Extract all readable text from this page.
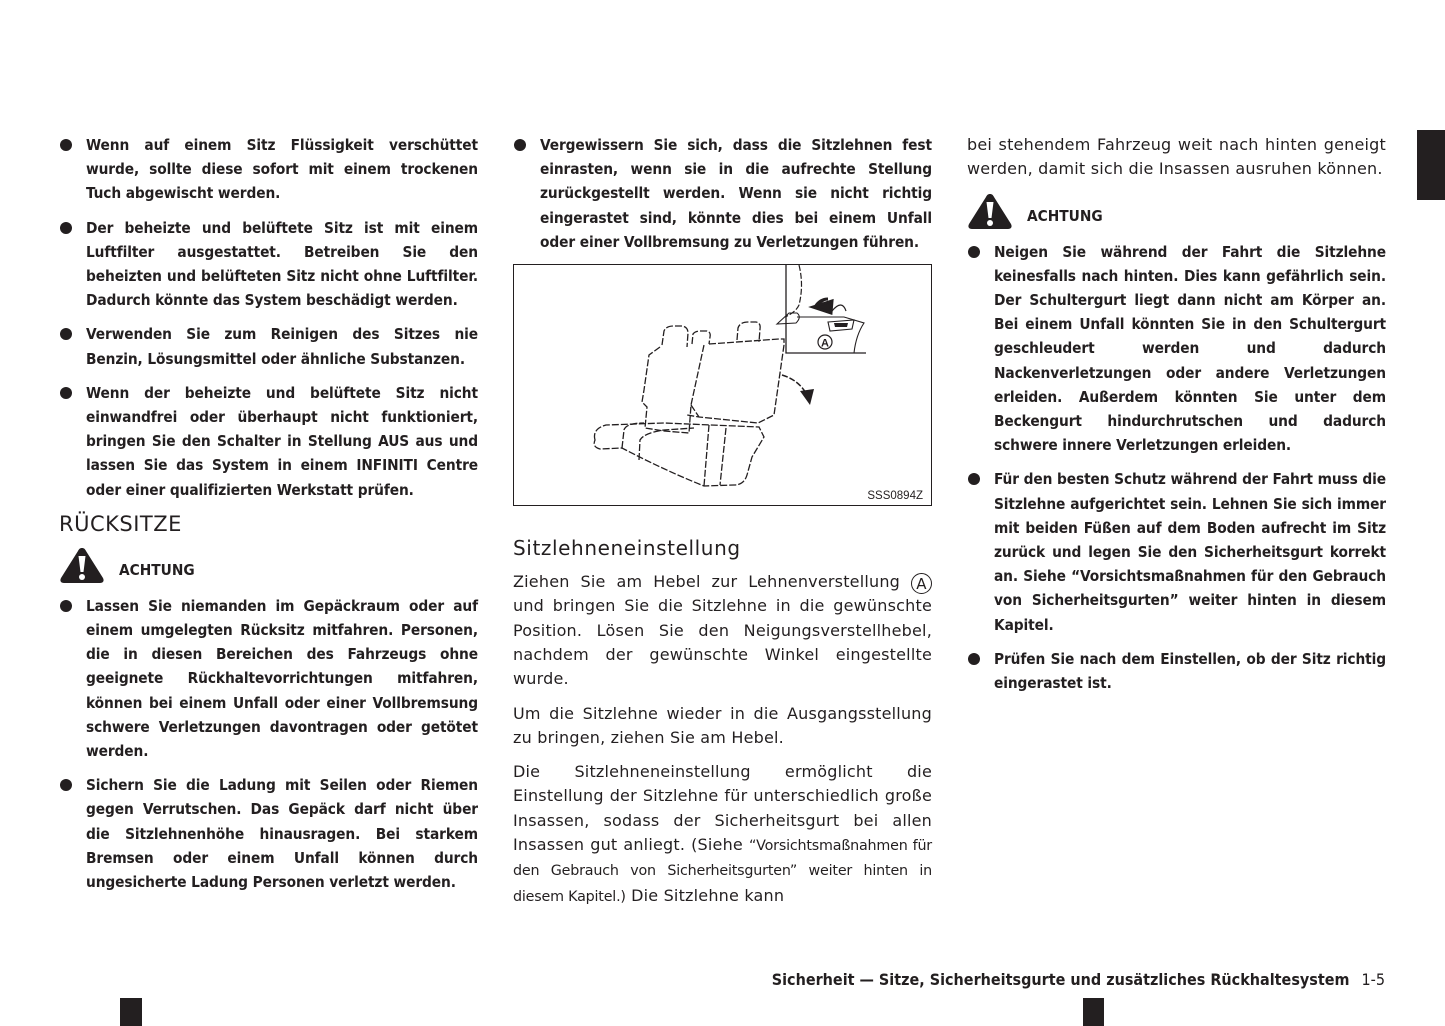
Wenn auf einem Sitz Flüssigkeit verschüttet wurde, sollte diese sofort mit einem trockenen Tuch abgewischt werden.
Der beheizte und belüftete Sitz ist mit einem Luftfilter ausgestattet. Betreiben Sie den beheizten und belüfteten Sitz nicht ohne Luftfilter. Dadurch könnte das System beschädigt werden.
Verwenden Sie zum Reinigen des Sitzes nie Benzin, Lösungsmittel oder ähnliche Substanzen.
Wenn der beheizte und belüftete Sitz nicht einwandfrei oder überhaupt nicht funktioniert, bringen Sie den Schalter in Stellung AUS aus und lassen Sie das System in einem INFINITI Centre oder einer qualifizierten Werkstatt prüfen.
RÜCKSITZE
ACHTUNG
Lassen Sie niemanden im Gepäckraum oder auf einem umgelegten Rücksitz mitfahren. Personen, die in diesen Bereichen des Fahrzeugs ohne geeignete Rückhaltevorrichtungen mitfahren, können bei einem Unfall oder einer Vollbremsung schwere Verletzungen davontragen oder getötet werden.
Sichern Sie die Ladung mit Seilen oder Riemen gegen Verrutschen. Das Gepäck darf nicht über die Sitzlehnenhöhe hinausragen. Bei starkem Bremsen oder einem Unfall können durch ungesicherte Ladung Personen verletzt werden.
Vergewissern Sie sich, dass die Sitzlehnen fest einrasten, wenn sie in die aufrechte Stellung zurückgestellt werden. Wenn sie nicht richtig eingerastet sind, könnte dies bei einem Unfall oder einer Vollbremsung zu Verletzungen führen.
A
SSS0894Z
Sitzlehneneinstellung

Ziehen Sie am Hebel zur Lehnenverstellung A und bringen Sie die Sitzlehne in die gewünschte Position. Lösen Sie den Neigungsverstellhebel, nachdem der gewünschte Winkel eingestellte wurde.

Um die Sitzlehne wieder in die Ausgangsstellung zu bringen, ziehen Sie am Hebel.

Die Sitzlehneneinstellung ermöglicht die Einstellung der Sitzlehne für unterschiedlich große Insassen, sodass der Sicherheitsgurt bei allen Insassen gut anliegt. (Siehe “Vorsichtsmaßnahmen für den Gebrauch von Sicherheitsgurten” weiter hinten in diesem Kapitel.) Die Sitzlehne kann

bei stehendem Fahrzeug weit nach hinten geneigt werden, damit sich die Insassen ausruhen können.

ACHTUNG
Neigen Sie während der Fahrt die Sitzlehne keinesfalls nach hinten. Dies kann gefährlich sein. Der Schultergurt liegt dann nicht am Körper an. Bei einem Unfall könnten Sie in den Schultergurt geschleudert werden und dadurch Nackenverletzungen oder andere Verletzungen erleiden. Außerdem könnten Sie unter dem Beckengurt hindurchrutschen und dadurch schwere innere Verletzungen erleiden.
Für den besten Schutz während der Fahrt muss die Sitzlehne aufgerichtet sein. Lehnen Sie sich immer mit beiden Füßen auf dem Boden aufrecht im Sitz zurück und legen Sie den Sicherheitsgurt korrekt an. Siehe “Vorsichtsmaßnahmen für den Gebrauch von Sicherheitsgurten” weiter hinten in diesem Kapitel.
Prüfen Sie nach dem Einstellen, ob der Sitz richtig eingerastet ist.
Sicherheit — Sitze, Sicherheitsgurte und zusätzliches Rückhaltesystem 1-5
